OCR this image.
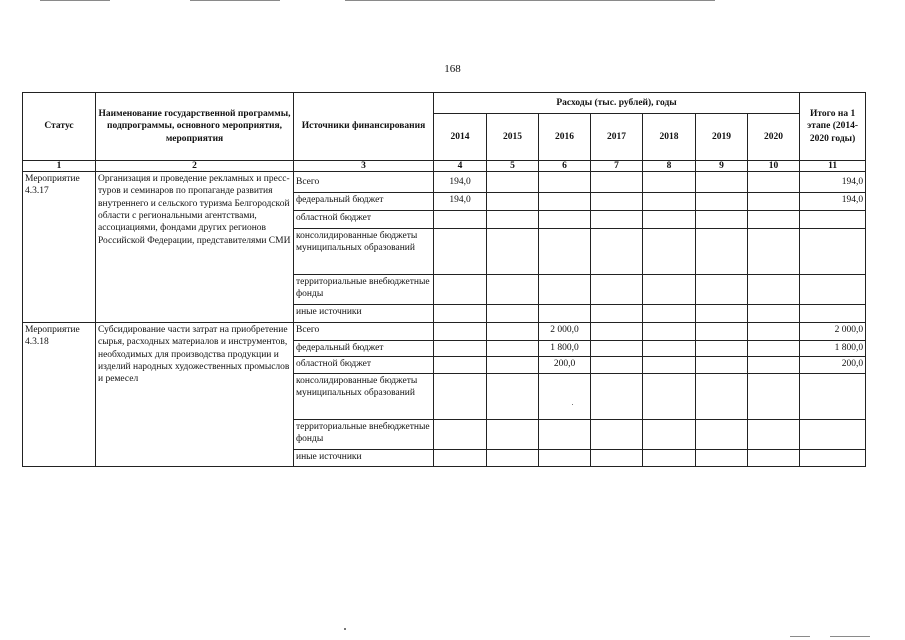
168
Статус	Наименование государственной программы, подпрограммы, основного мероприятия, мероприятия	Источники финансирования	Расходы (тыс. рублей), годы							Итого на 1 этапе (2014-2020 годы)
			2014	2015	2016	2017	2018	2019	2020	
1	2	3	4	5	6	7	8	9	10	11
Мероприятие 4.3.17	Организация и проведение рекламных и пресс-туров и семинаров по пропаганде развития внутреннего и сельского туризма Белгородской области с региональными агентствами, ассоциациями, фондами других регионов Российской Федерации, представителями СМИ	Всего	194,0							194,0
		федеральный бюджет	194,0							194,0
		областной бюджет								
		консолидированные бюджеты муниципальных образований								
		территориальные внебюджетные фонды								
		иные источники								
Мероприятие 4.3.18	Субсидирование части затрат на приобретение сырья, расходных материалов и инструментов, необходимых для производства продукции и изделий народных художественных промыслов и ремесел	Всего			2 000,0					2 000,0
		федеральный бюджет			1 800,0					1 800,0
		областной бюджет			200,0					200,0
		консолидированные бюджеты муниципальных образований								
		территориальные внебюджетные фонды								
		иные источники								
